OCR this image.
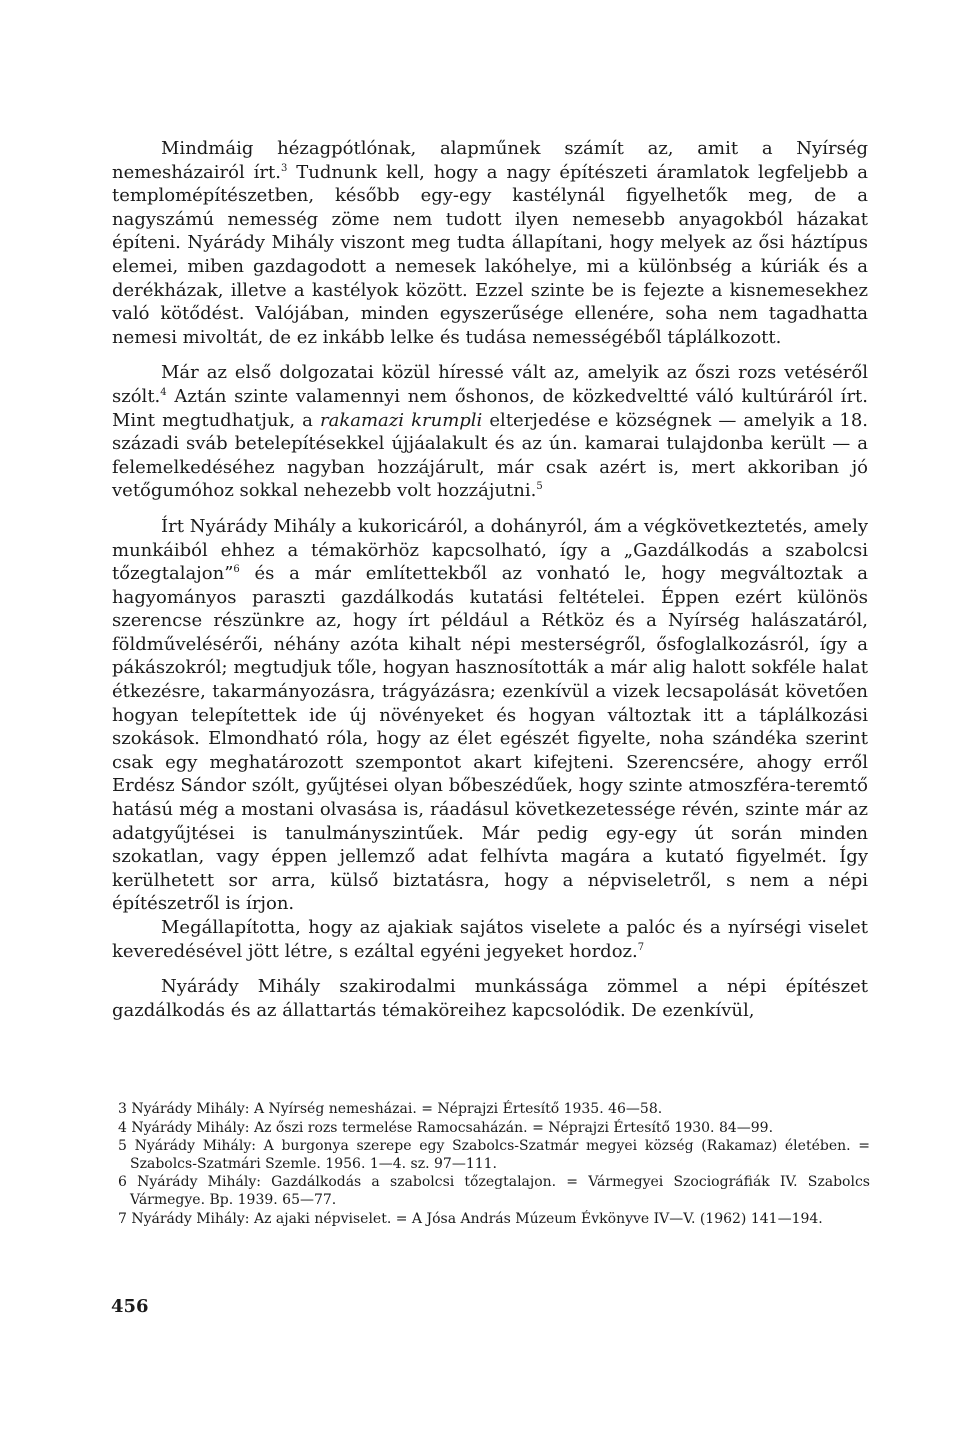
Mindmáig hézagpótlónak, alapműnek számít az, amit a Nyírség nemesházairól írt.$^3$ Tudnunk kell, hogy a nagy építészeti áramlatok legfeljebb a templomépítészetben, később egy-egy kastélynál figyelhetők meg, de a nagyszámú nemesség zöme nem tudott ilyen nemesebb anyagokból házakat építeni. Nyárády Mihály viszont meg tudta állapítani, hogy melyek az ősi háztípus elemei, miben gazdagodott a nemesek lakóhelye, mi a különbség a kúriák és a derékházak, illetve a kastélyok között. Ezzel szinte be is fejezte a kisnemesekhez való kötődést. Valójában, minden egyszerűsége ellenére, soha nem tagadhatta nemesi mivoltát, de ez inkább lelke és tudása nemességéből táplálkozott.

Már az első dolgozatai közül híressé vált az, amelyik az őszi rozs vetéséről szólt.$^4$ Aztán szinte valamennyi nem őshonos, de közkedveltté váló kultúráról írt. Mint megtudhatjuk, a rakamazi krumpli elterjedése e községnek — amelyik a 18. századi sváb betelepítésekkel újjáalakult és az ún. kamarai tulajdonba került — a felemelkedéséhez nagyban hozzájárult, már csak azért is, mert akkoriban jó vetőgumóhoz sokkal nehezebb volt hozzájutni.$^5$

Írt Nyárády Mihály a kukoricáról, a dohányról, ám a végkövetkeztetés, amely munkáiból ehhez a témakörhöz kapcsolható, így a „Gazdálkodás a szabolcsi tőzegtalajon”$^6$ és a már említettekből az vonható le, hogy megváltoztak a hagyományos paraszti gazdálkodás kutatási feltételei. Éppen ezért különös szerencse részünkre az, hogy írt például a Rétköz és a Nyírség halászatáról, földművelésérői, néhány azóta kihalt népi mesterségről, ősfoglalkozásról, így a pákászokról; megtudjuk tőle, hogyan hasznosították a már alig halott sokféle halat étkezésre, takarmányozásra, trágyázásra; ezenkívül a vizek lecsapolását követően hogyan telepítettek ide új növényeket és hogyan változtak itt a táplálkozási szokások. Elmondható róla, hogy az élet egészét figyelte, noha szándéka szerint csak egy meghatározott szempontot akart kifejteni. Szerencsére, ahogy erről Erdész Sándor szólt, gyűjtései olyan bőbeszédűek, hogy szinte atmoszféra-teremtő hatású még a mostani olvasása is, ráadásul következetessége révén, szinte már az adatgyűjtései is tanulmányszintűek. Már pedig egy-egy út során minden szokatlan, vagy éppen jellemző adat felhívta magára a kutató figyelmét. Így kerülhetett sor arra, külső biztatásra, hogy a népviseletről, s nem a népi építészetről is írjon.

Megállapította, hogy az ajakiak sajátos viselete a palóc és a nyírségi viselet keveredésével jött létre, s ezáltal egyéni jegyeket hordoz.$^7$

Nyárády Mihály szakirodalmi munkássága zömmel a népi építészet gazdálkodás és az állattartás témaköreihez kapcsolódik. De ezenkívül,

3 Nyárády Mihály: A Nyírség nemesházai. = Néprajzi Értesítő 1935. 46—58.

4 Nyárády Mihály: Az őszi rozs termelése Ramocsaházán. = Néprajzi Értesítő 1930. 84—99.

5 Nyárády Mihály: A burgonya szerepe egy Szabolcs-Szatmár megyei község (Rakamaz) életében. = Szabolcs-Szatmári Szemle. 1956. 1—4. sz. 97—111.

6 Nyárády Mihály: Gazdálkodás a szabolcsi tőzegtalajon. = Vármegyei Szociográfiák IV. Szabolcs Vármegye. Bp. 1939. 65—77.

7 Nyárády Mihály: Az ajaki népviselet. = A Jósa András Múzeum Évkönyve IV—V. (1962) 141—194.

456
